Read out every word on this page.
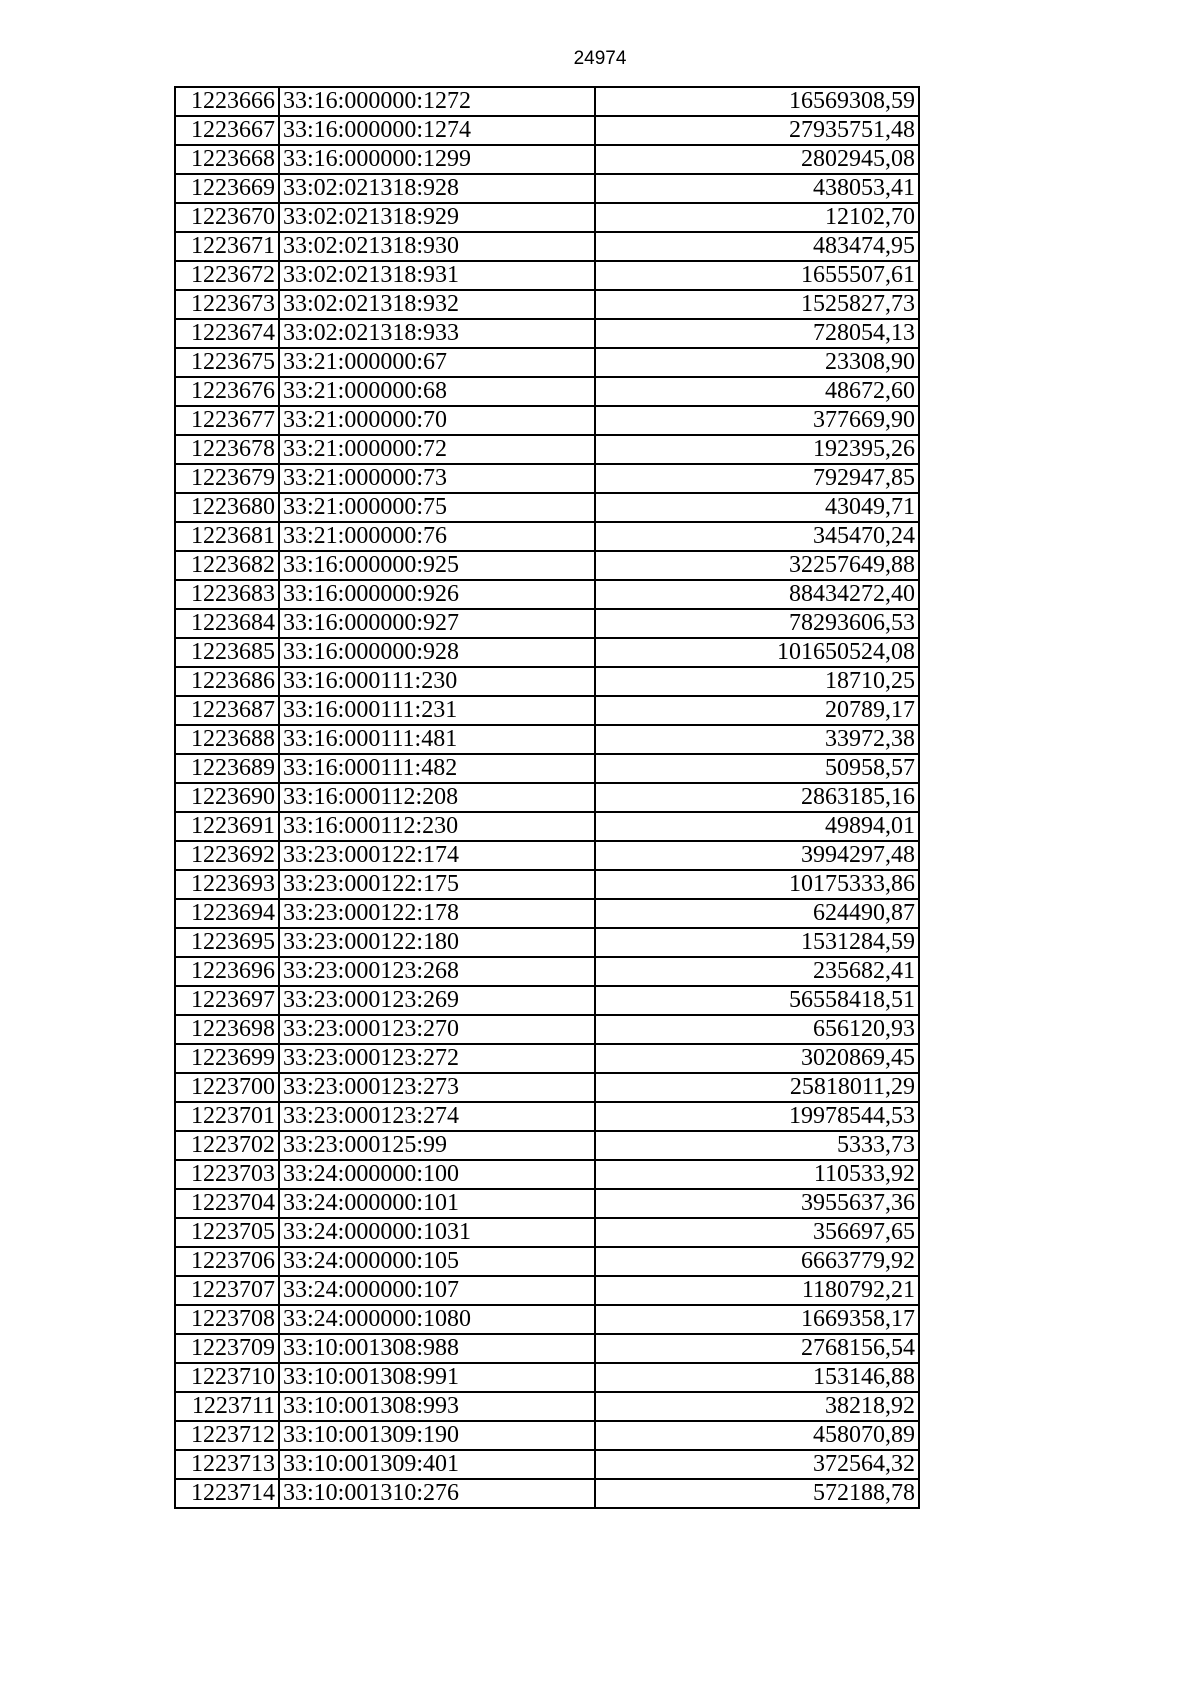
24974
1223666	33:16:000000:1272	16569308,59
1223667	33:16:000000:1274	27935751,48
1223668	33:16:000000:1299	2802945,08
1223669	33:02:021318:928	438053,41
1223670	33:02:021318:929	12102,70
1223671	33:02:021318:930	483474,95
1223672	33:02:021318:931	1655507,61
1223673	33:02:021318:932	1525827,73
1223674	33:02:021318:933	728054,13
1223675	33:21:000000:67	23308,90
1223676	33:21:000000:68	48672,60
1223677	33:21:000000:70	377669,90
1223678	33:21:000000:72	192395,26
1223679	33:21:000000:73	792947,85
1223680	33:21:000000:75	43049,71
1223681	33:21:000000:76	345470,24
1223682	33:16:000000:925	32257649,88
1223683	33:16:000000:926	88434272,40
1223684	33:16:000000:927	78293606,53
1223685	33:16:000000:928	101650524,08
1223686	33:16:000111:230	18710,25
1223687	33:16:000111:231	20789,17
1223688	33:16:000111:481	33972,38
1223689	33:16:000111:482	50958,57
1223690	33:16:000112:208	2863185,16
1223691	33:16:000112:230	49894,01
1223692	33:23:000122:174	3994297,48
1223693	33:23:000122:175	10175333,86
1223694	33:23:000122:178	624490,87
1223695	33:23:000122:180	1531284,59
1223696	33:23:000123:268	235682,41
1223697	33:23:000123:269	56558418,51
1223698	33:23:000123:270	656120,93
1223699	33:23:000123:272	3020869,45
1223700	33:23:000123:273	25818011,29
1223701	33:23:000123:274	19978544,53
1223702	33:23:000125:99	5333,73
1223703	33:24:000000:100	110533,92
1223704	33:24:000000:101	3955637,36
1223705	33:24:000000:1031	356697,65
1223706	33:24:000000:105	6663779,92
1223707	33:24:000000:107	1180792,21
1223708	33:24:000000:1080	1669358,17
1223709	33:10:001308:988	2768156,54
1223710	33:10:001308:991	153146,88
1223711	33:10:001308:993	38218,92
1223712	33:10:001309:190	458070,89
1223713	33:10:001309:401	372564,32
1223714	33:10:001310:276	572188,78
